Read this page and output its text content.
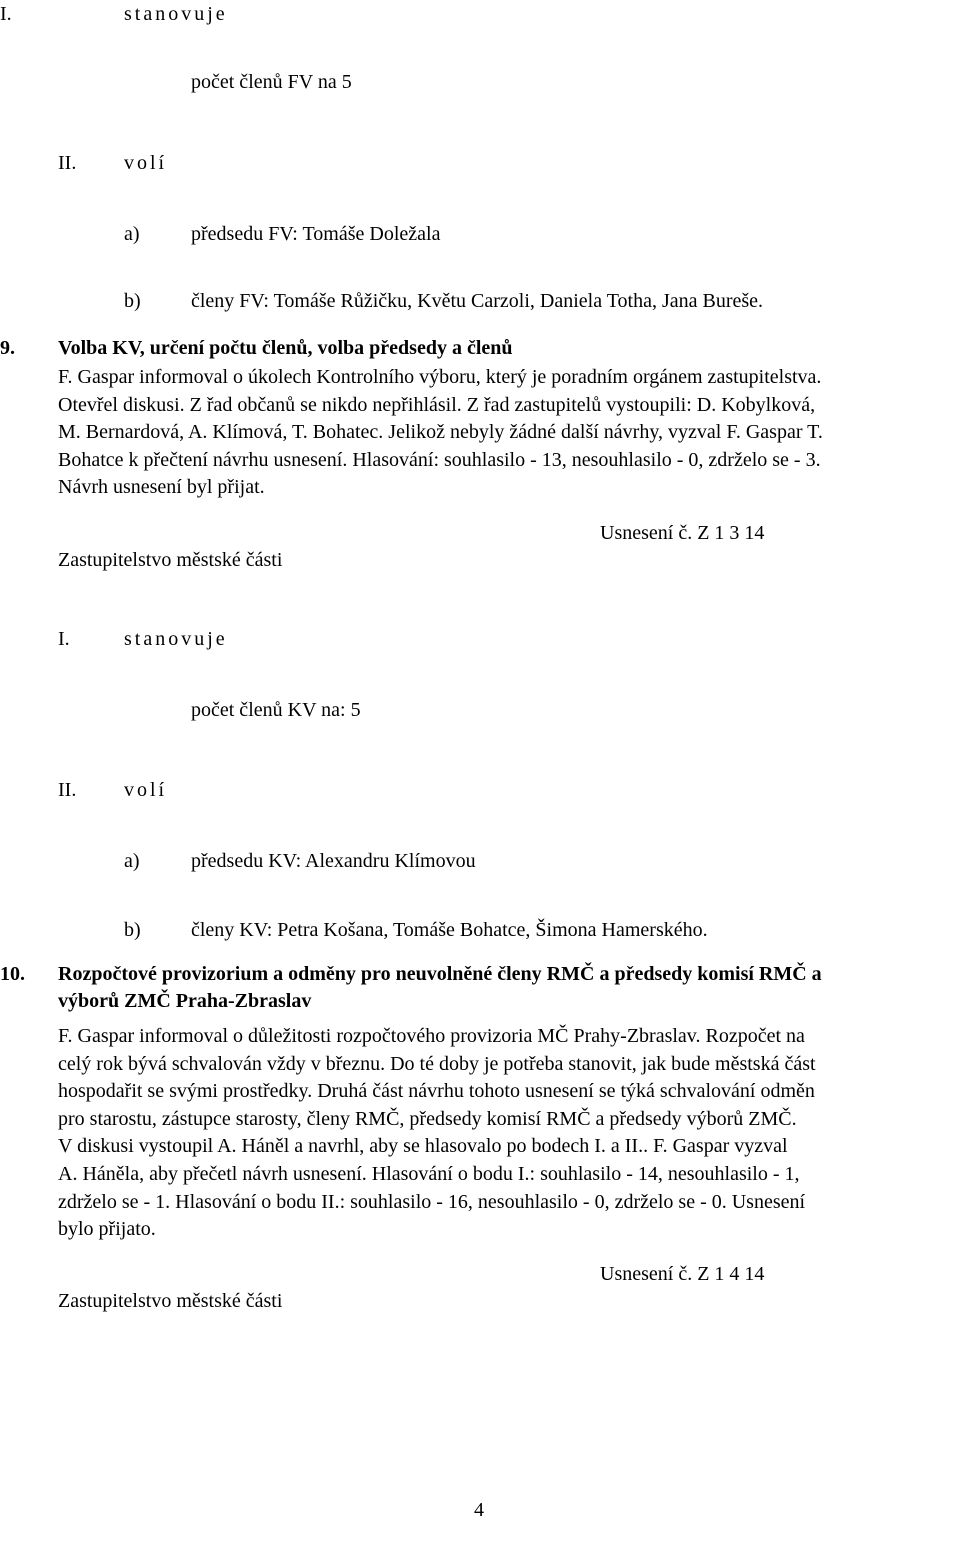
I.	stanovuje
počet členů FV na 5
II. volí
a)	předsedu FV: Tomáše Doležala
b)	členy FV: Tomáše Růžičku, Květu Carzoli, Daniela Totha, Jana Bureše.
9. Volba KV, určení počtu členů, volba předsedy a členů
F. Gaspar informoval o úkolech Kontrolního výboru, který je poradním orgánem zastupitelstva.
Otevřel diskusi. Z řad občanů se nikdo nepřihlásil. Z řad zastupitelů vystoupili: D. Kobylková,
M. Bernardová, A. Klímová, T. Bohatec. Jelikož nebyly žádné další návrhy, vyzval F. Gaspar T.
Bohatce k přečtení návrhu usnesení. Hlasování: souhlasilo - 13, nesouhlasilo - 0, zdrželo se - 3.
Návrh usnesení byl přijat.
Usnesení č. Z 1 3 14
Zastupitelstvo městské části
I.	stanovuje
počet členů KV na: 5
II. volí
a)	předsedu KV: Alexandru Klímovou
b)	členy KV: Petra Košana, Tomáše Bohatce, Šimona Hamerského.
10. Rozpočtové provizorium a odměny pro neuvolněné členy RMČ a předsedy komisí RMČ a
výborů ZMČ Praha-Zbraslav
F. Gaspar informoval o důležitosti rozpočtového provizoria MČ Prahy-Zbraslav. Rozpočet na
celý rok bývá schvalován vždy v březnu. Do té doby je potřeba stanovit, jak bude městská část
hospodařit se svými prostředky. Druhá část návrhu tohoto usnesení se týká schvalování odměn
pro starostu, zástupce starosty, členy RMČ, předsedy komisí RMČ a předsedy výborů ZMČ.
V diskusi vystoupil A. Háněl a navrhl, aby se hlasovalo po bodech I. a II.. F. Gaspar vyzval
A. Háněla, aby přečetl návrh usnesení. Hlasování o bodu I.: souhlasilo - 14, nesouhlasilo - 1,
zdrželo se - 1. Hlasování o bodu II.: souhlasilo - 16, nesouhlasilo - 0, zdrželo se - 0. Usnesení
bylo přijato.
Usnesení č. Z 1 4 14
Zastupitelstvo městské části
4
